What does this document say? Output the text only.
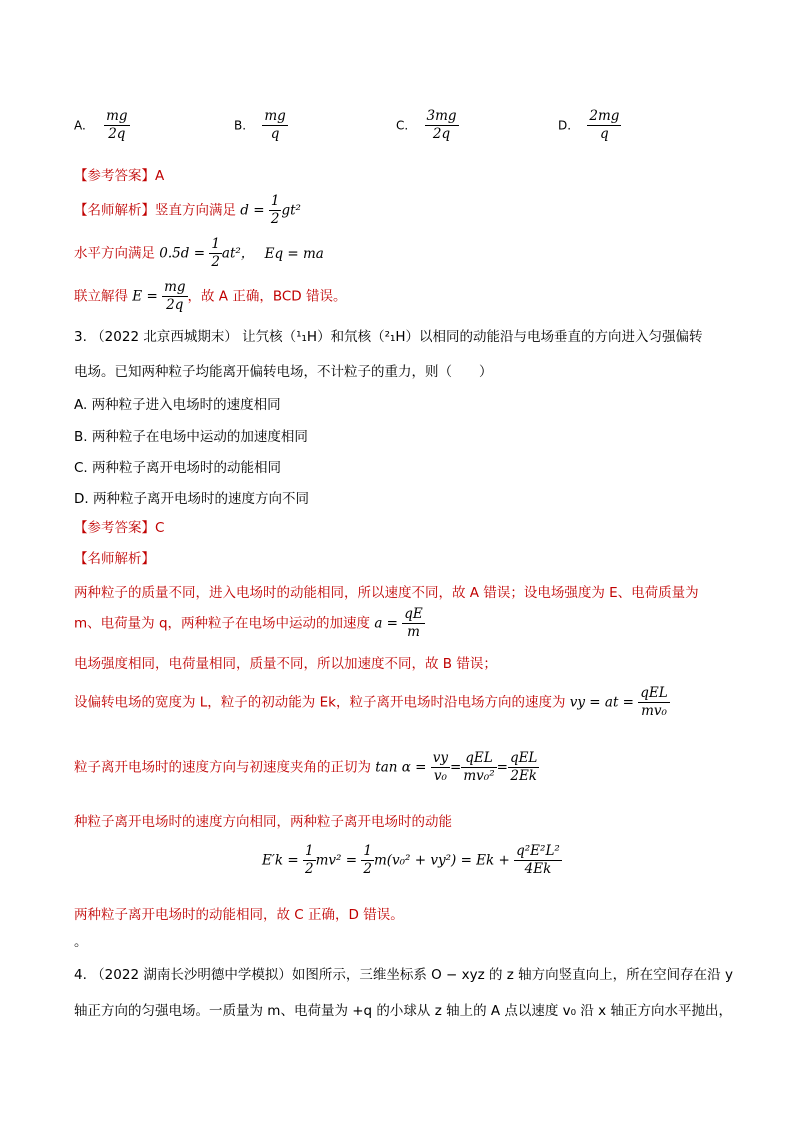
A. $\frac{mg}{2q}$	B. $\frac{mg}{q}$	C. $\frac{3mg}{2q}$	D. $\frac{2mg}{q}$
【参考答案】A
【名师解析】竖直方向满足 $d = \frac{1}{2} gt^2$
水平方向满足 $0.5d = \frac{1}{2} at^2$， Eq = ma
联立解得 $E = \frac{mg}{2q}$ ，故 A 正确，BCD 错误。
3. （2022 北京西城期末） 让氕核（¹₁H）和氘核（²₁H）以相同的动能沿与电场垂直的方向进入匀强偏转
电场。已知两种粒子均能离开偏转电场，不计粒子的重力，则（　　）
A. 两种粒子进入电场时的速度相同
B. 两种粒子在电场中运动的加速度相同
C. 两种粒子离开电场时的动能相同
D. 两种粒子离开电场时的速度方向不同
【参考答案】C
【名师解析】
两种粒子的质量不同，进入电场时的动能相同，所以速度不同，故 A 错误；设电场强度为 E、电荷质量为
m、电荷量为 q，两种粒子在电场中运动的加速度 $a = \frac{qE}{m}$
电场强度相同，电荷量相同，质量不同，所以加速度不同，故 B 错误；
设偏转电场的宽度为 L，粒子的初动能为 Ek，粒子离开电场时沿电场方向的速度为 vy = at = $\frac{\text{qEL}}{\text{mv₀}}$
粒子离开电场时的速度方向与初速度夹角的正切为 $\tan \alpha = \frac{vy}{\text{v₀}} = \frac{\text{qEL}}{\text{mv₀²}} = \frac{\text{qEL}}{2Ek}$
种粒子离开电场时的速度方向相同，两种粒子离开电场时的动能
$E'k = \frac{1}{2} mv^2 = \frac{1}{2} m(v_0^2 + vy^2) = Ek + \frac{\text{q²E²L²}}{4Ek}$
两种粒子离开电场时的动能相同，故 C 正确，D 错误。
。
4. （2022 湖南长沙明德中学模拟）如图所示，三维坐标系 O − xyz 的 z 轴方向竖直向上，所在空间存在沿 y
轴正方向的匀强电场。一质量为 m、电荷量为 +q 的小球从 z 轴上的 A 点以速度 v₀ 沿 x 轴正方向水平抛出，
